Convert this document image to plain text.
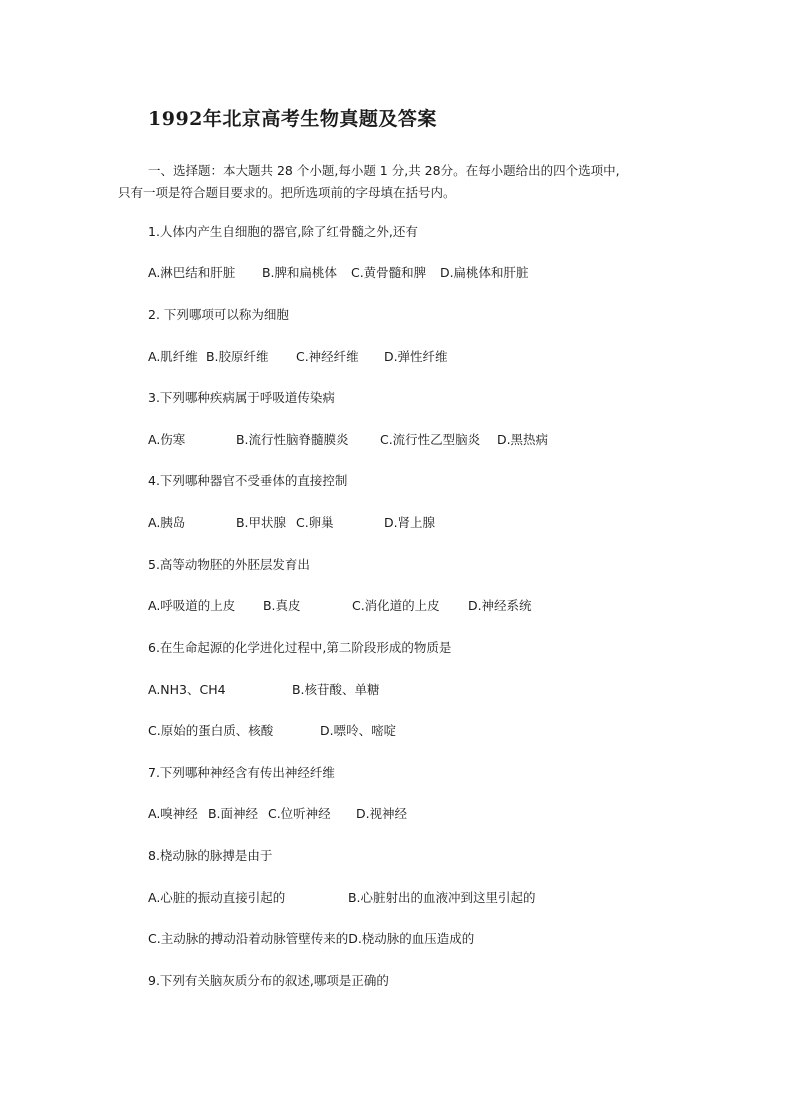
1992年北京高考生物真题及答案

一、选择题：本大题共 28 个小题,每小题 1 分,共 28分。在每小题给出的四个选项中,

只有一项是符合题目要求的。把所选项前的字母填在括号内。

1.人体内产生自细胞的器官,除了红骨髓之外,还有
A.淋巴结和肝脏 B.脾和扁桃体 C.黄骨髓和脾 D.扁桃体和肝脏
2. 下列哪项可以称为细胞
A.肌纤维 B.胶原纤维 C.神经纤维 D.弹性纤维
3.下列哪种疾病属于呼吸道传染病
A.伤寒	B.流行性脑脊髓膜炎	C.流行性乙型脑炎 D.黑热病
4.下列哪种器官不受垂体的直接控制
A.胰岛	B.甲状腺 C.卵巢	D.肾上腺
5.高等动物胚的外胚层发育出
A.呼吸道的上皮 B.真皮	C.消化道的上皮 D.神经系统
6.在生命起源的化学进化过程中,第二阶段形成的物质是
A.NH3、CH4	B.核苷酸、单糖
C.原始的蛋白质、核酸	D.嘌呤、嘧啶
7.下列哪种神经含有传出神经纤维
A.嗅神经 B.面神经 C.位听神经 D.视神经
8.桡动脉的脉搏是由于
A.心脏的振动直接引起的	B.心脏射出的血液冲到这里引起的
C.主动脉的搏动沿着动脉管壁传来的D.桡动脉的血压造成的
9.下列有关脑灰质分布的叙述,哪项是正确的
